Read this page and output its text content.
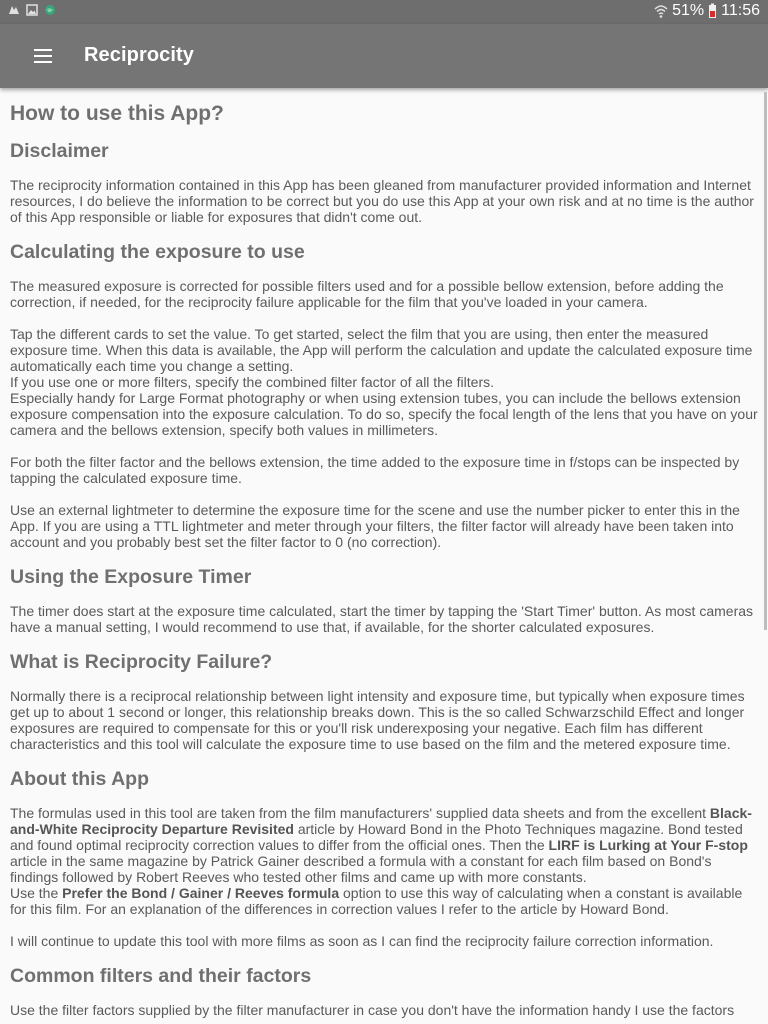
51% 11:56
Reciprocity
How to use this App?
Disclaimer

The reciprocity information contained in this App has been gleaned from manufacturer provided information and Internet resources, I do believe the information to be correct but you do use this App at your own risk and at no time is the author of this App responsible or liable for exposures that didn't come out.

Calculating the exposure to use

The measured exposure is corrected for possible filters used and for a possible bellow extension, before adding the correction, if needed, for the reciprocity failure applicable for the film that you've loaded in your camera.

Tap the different cards to set the value. To get started, select the film that you are using, then enter the measured exposure time. When this data is available, the App will perform the calculation and update the calculated exposure time automatically each time you change a setting.
If you use one or more filters, specify the combined filter factor of all the filters.
Especially handy for Large Format photography or when using extension tubes, you can include the bellows extension exposure compensation into the exposure calculation. To do so, specify the focal length of the lens that you have on your camera and the bellows extension, specify both values in millimeters.

For both the filter factor and the bellows extension, the time added to the exposure time in f/stops can be inspected by tapping the calculated exposure time.

Use an external lightmeter to determine the exposure time for the scene and use the number picker to enter this in the App. If you are using a TTL lightmeter and meter through your filters, the filter factor will already have been taken into account and you probably best set the filter factor to 0 (no correction).

Using the Exposure Timer

The timer does start at the exposure time calculated, start the timer by tapping the 'Start Timer' button. As most cameras have a manual setting, I would recommend to use that, if available, for the shorter calculated exposures.

What is Reciprocity Failure?

Normally there is a reciprocal relationship between light intensity and exposure time, but typically when exposure times get up to about 1 second or longer, this relationship breaks down. This is the so called Schwarzschild Effect and longer exposures are required to compensate for this or you'll risk underexposing your negative. Each film has different characteristics and this tool will calculate the exposure time to use based on the film and the metered exposure time.

About this App

The formulas used in this tool are taken from the film manufacturers' supplied data sheets and from the excellent Black-and-White Reciprocity Departure Revisited article by Howard Bond in the Photo Techniques magazine. Bond tested and found optimal reciprocity correction values to differ from the official ones. Then the LIRF is Lurking at Your F-stop article in the same magazine by Patrick Gainer described a formula with a constant for each film based on Bond's findings followed by Robert Reeves who tested other films and came up with more constants.
Use the Prefer the Bond / Gainer / Reeves formula option to use this way of calculating when a constant is available for this film. For an explanation of the differences in correction values I refer to the article by Howard Bond.

I will continue to update this tool with more films as soon as I can find the reciprocity failure correction information.

Common filters and their factors

Use the filter factors supplied by the filter manufacturer in case you don't have the information handy I use the factors
